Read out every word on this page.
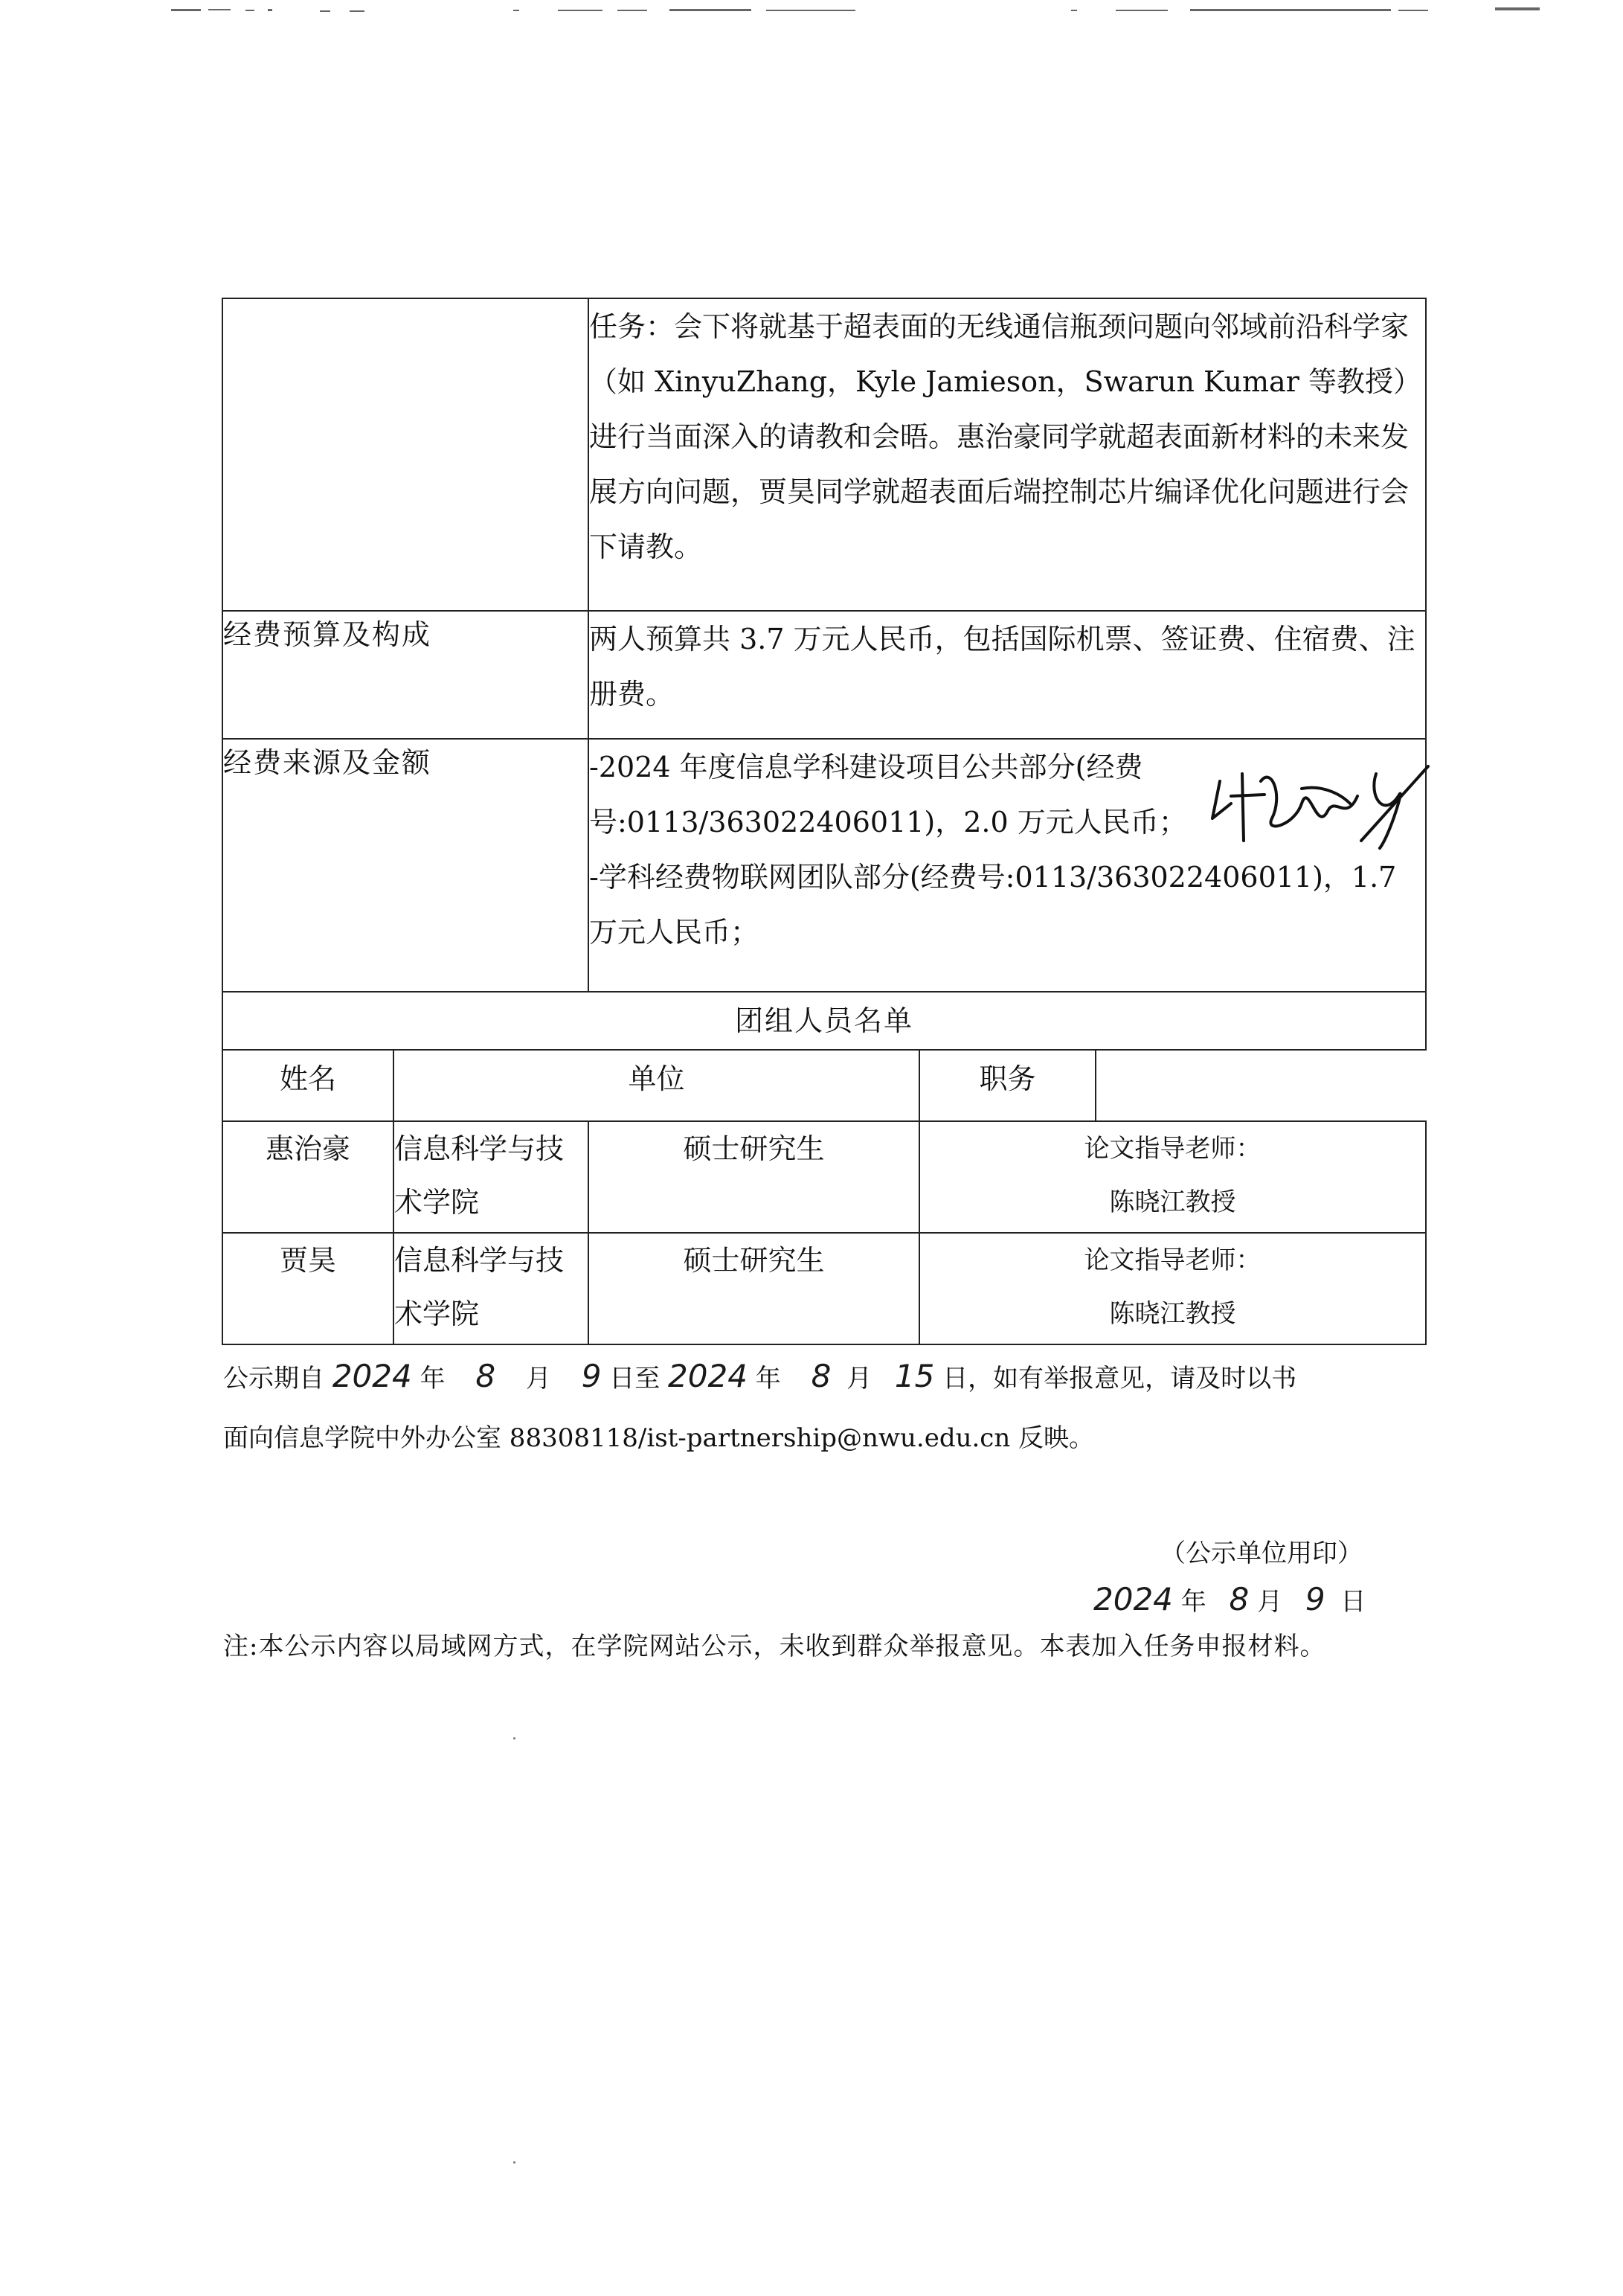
		任务：会下将就基于超表面的无线通信瓶颈问题向邻域前沿科学家（如 XinyuZhang，Kyle Jamieson，Swarun Kumar 等教授）进行当面深入的请教和会晤。惠治豪同学就超表面新材料的未来发展方向问题，贾昊同学就超表面后端控制芯片编译优化问题进行会下请教。	

经费预算及构成		两人预算共 3.7 万元人民币，包括国际机票、签证费、住宿费、注册费。	

经费来源及金额		-2024 年度信息学科建设项目公共部分(经费号:0113/363022406011)，2.0 万元人民币；

-学科经费物联网团队部分(经费号:0113/363022406011)，1.7 万元人民币；	

团组人员名单			
姓名	单位		职务
惠治豪	信息科学与技术学院	硕士研究生	论文指导老师：
陈晓江教授

贾昊	信息科学与技术学院	硕士研究生	论文指导老师：
陈晓江教授
公示期自 2024 年 8 月 9 日至 2024 年 8 月 15 日，如有举报意见，请及时以书
面向信息学院中外办公室 88308118/ist-partnership@nwu.edu.cn 反映。
（公示单位用印）
2024 年 8 月 9 日
注:本公示内容以局域网方式，在学院网站公示，未收到群众举报意见。本表加入任务申报材料。
